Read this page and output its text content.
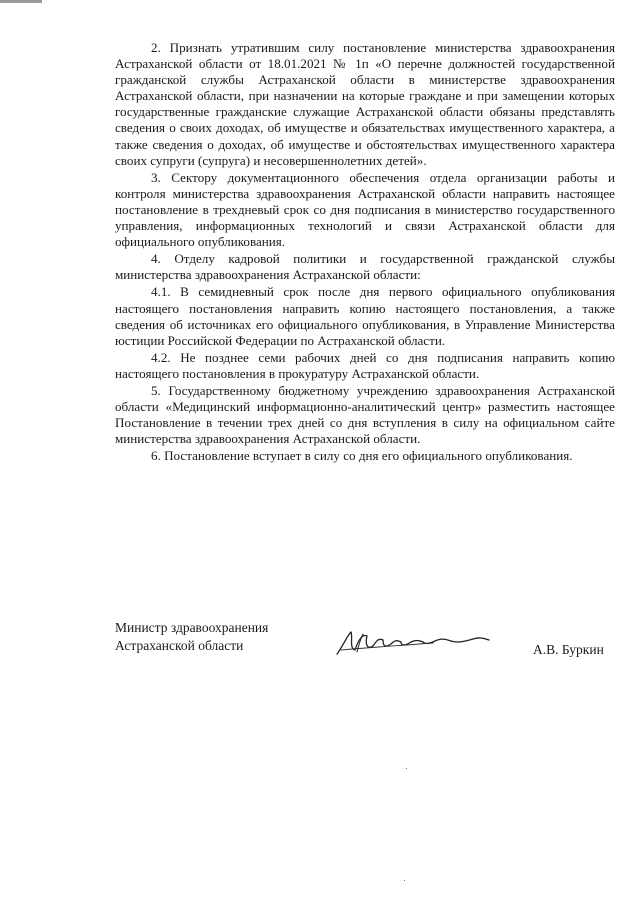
2. Признать утратившим силу постановление министерства здравоохранения Астраханской области от 18.01.2021 № 1п «О перечне должностей государственной гражданской службы Астраханской области в министерстве здравоохранения Астраханской области, при назначении на которые граждане и при замещении которых государственные гражданские служащие Астраханской области обязаны представлять сведения о своих доходах, об имуществе и обязательствах имущественного характера, а также сведения о доходах, об имуществе и обстоятельствах имущественного характера своих супруги (супруга) и несовершеннолетних детей».

3. Сектору документационного обеспечения отдела организации работы и контроля министерства здравоохранения Астраханской области направить настоящее постановление в трехдневый срок со дня подписания в министерство государственного управления, информационных технологий и связи Астраханской области для официального опубликования.

4. Отделу кадровой политики и государственной гражданской службы министерства здравоохранения Астраханской области:

4.1. В семидневный срок после дня первого официального опубликования настоящего постановления направить копию настоящего постановления, а также сведения об источниках его официального опубликования, в Управление Министерства юстиции Российской Федерации по Астраханской области.

4.2. Не позднее семи рабочих дней со дня подписания направить копию настоящего постановления в прокуратуру Астраханской области.

5. Государственному бюджетному учреждению здравоохранения Астраханской области «Медицинский информационно-аналитический центр» разместить настоящее Постановление в течении трех дней со дня вступления в силу на официальном сайте министерства здравоохранения Астраханской области.

6. Постановление вступает в силу со дня его официального опубликования.

Министр здравоохранения
Астраханской области	А.В. Буркин
